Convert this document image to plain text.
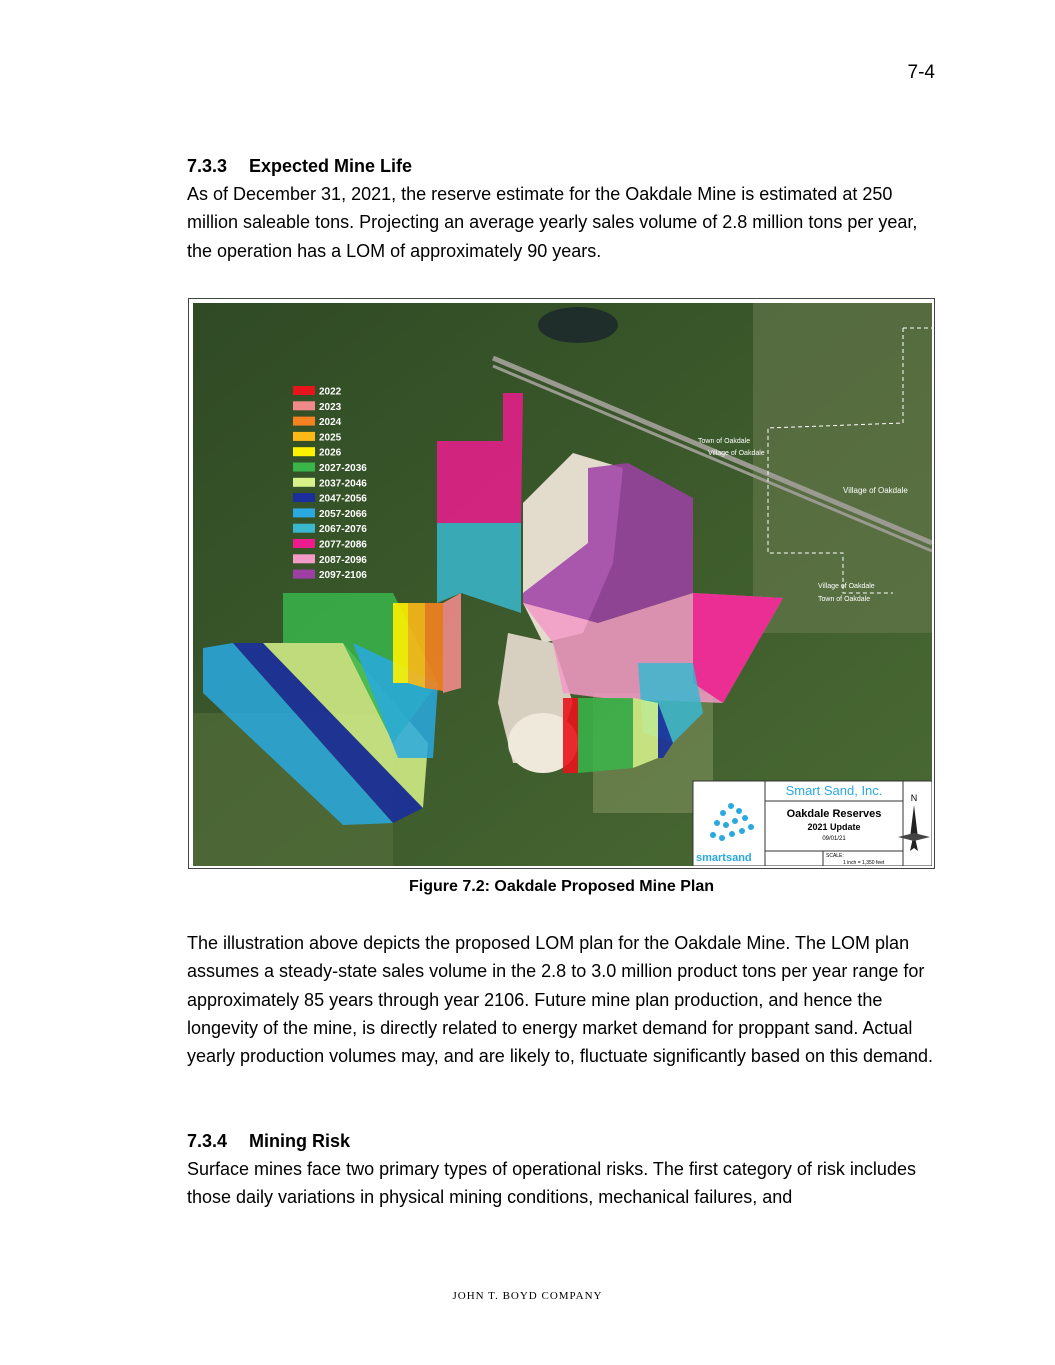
7-4
7.3.3 Expected Mine Life

As of December 31, 2021, the reserve estimate for the Oakdale Mine is estimated at 250 million saleable tons. Projecting an average yearly sales volume of 2.8 million tons per year, the operation has a LOM of approximately 90 years.

Town of Oakdale
Village of Oakdale
Village of Oakdale
Village of Oakdale
Town of Oakdale
2022
2023
2024
2025
2026
2027-2036
2037-2046
2047-2056
2057-2066
2067-2076
2077-2086
2087-2096
2097-2106
smartsand
Smart Sand, Inc.
Oakdale Reserves
2021 Update
09/01/21
SCALE:
1 inch = 1,350 feet
N
Figure 7.2: Oakdale Proposed Mine Plan

The illustration above depicts the proposed LOM plan for the Oakdale Mine. The LOM plan assumes a steady-state sales volume in the 2.8 to 3.0 million product tons per year range for approximately 85 years through year 2106. Future mine plan production, and hence the longevity of the mine, is directly related to energy market demand for proppant sand. Actual yearly production volumes may, and are likely to, fluctuate significantly based on this demand.

7.3.4 Mining Risk

Surface mines face two primary types of operational risks. The first category of risk includes those daily variations in physical mining conditions, mechanical failures, and

JOHN T. BOYD COMPANY
